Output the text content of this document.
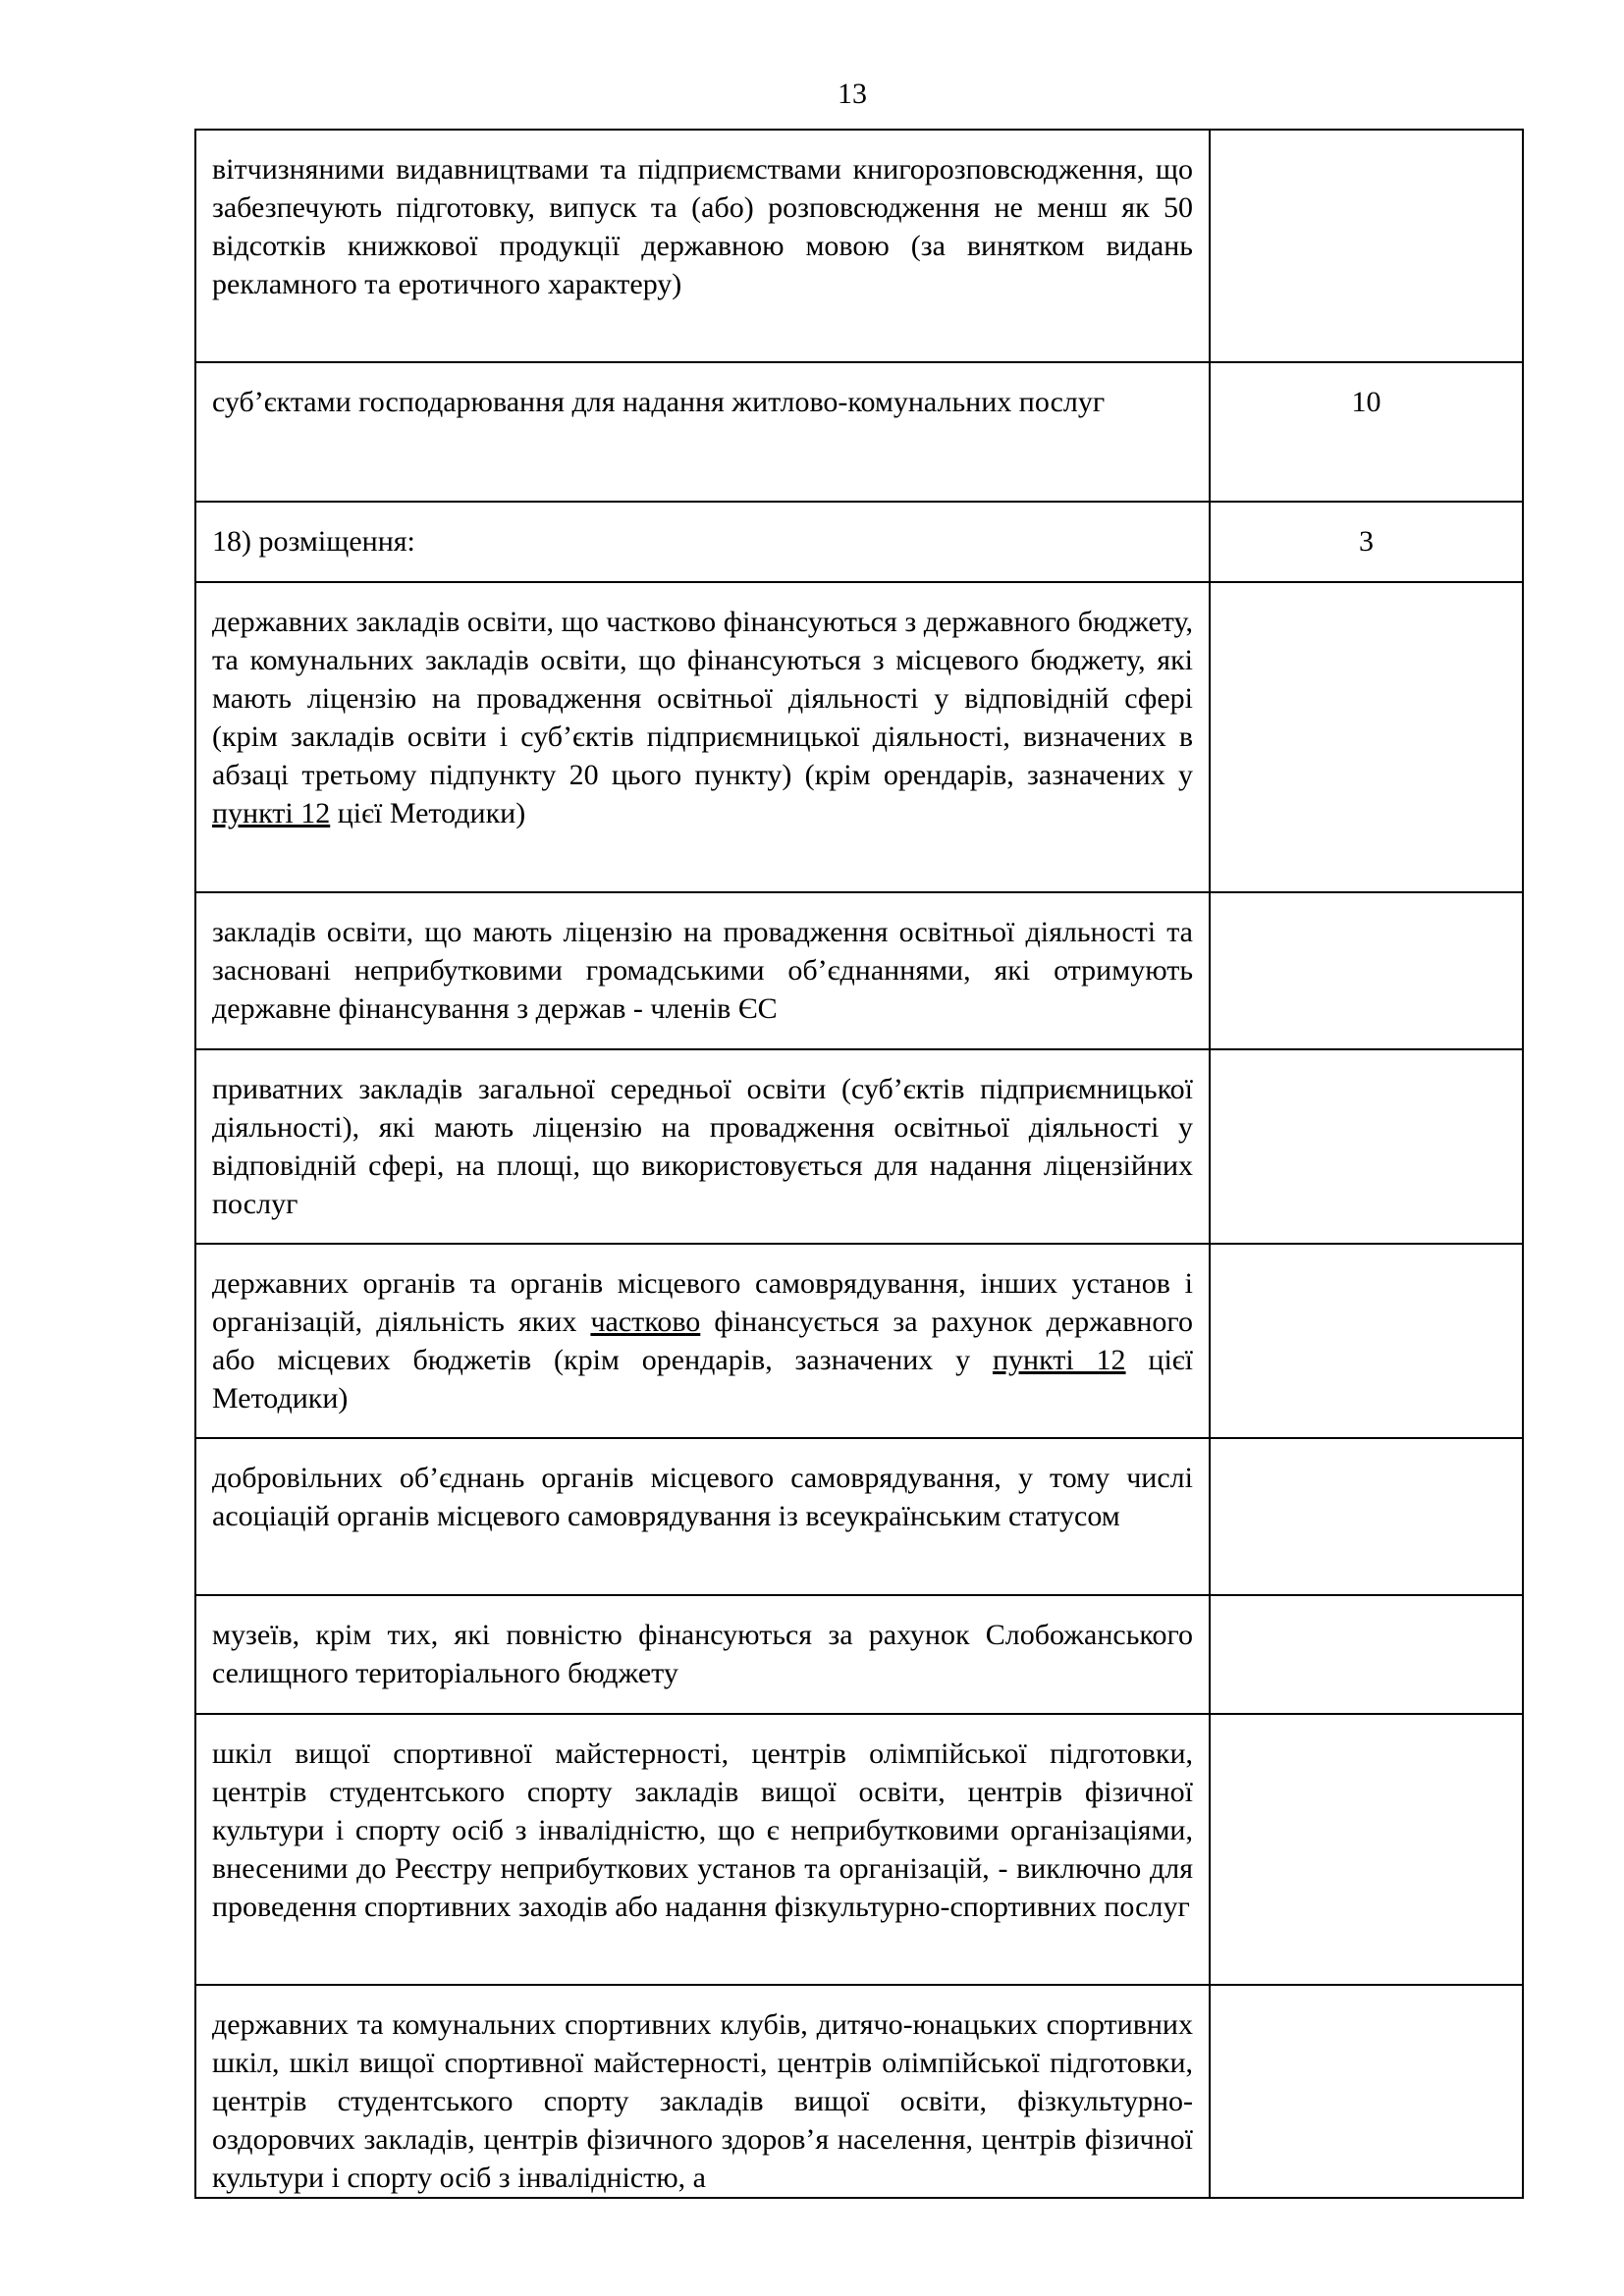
13
вітчизняними видавництвами та підприємствами книгорозповсюдження, що забезпечують підготовку, випуск та (або) розповсюдження не менш як 50 відсотків книжкової продукції державною мовою (за винятком видань рекламного та еротичного характеру)	
суб’єктами господарювання для надання житлово-комунальних послуг	10
18) розміщення:	3
державних закладів освіти, що частково фінансуються з державного бюджету, та комунальних закладів освіти, що фінансуються з місцевого бюджету, які мають ліцензію на провадження освітньої діяльності у відповідній сфері (крім закладів освіти і суб’єктів підприємницької діяльності, визначених в абзаці третьому підпункту 20 цього пункту) (крім орендарів, зазначених у пункті 12 цієї Методики)	
закладів освіти, що мають ліцензію на провадження освітньої діяльності та засновані неприбутковими громадськими об’єднаннями, які отримують державне фінансування з держав - членів ЄС	
приватних закладів загальної середньої освіти (суб’єктів підприємницької діяльності), які мають ліцензію на провадження освітньої діяльності у відповідній сфері, на площі, що використовується для надання ліцензійних послуг	
державних органів та органів місцевого самоврядування, інших установ і організацій, діяльність яких частково фінансується за рахунок державного або місцевих бюджетів (крім орендарів, зазначених у пункті 12 цієї Методики)	
добровільних об’єднань органів місцевого самоврядування, у тому числі асоціацій органів місцевого самоврядування із всеукраїнським статусом	
музеїв, крім тих, які повністю фінансуються за рахунок Слобожанського селищного територіального бюджету	
шкіл вищої спортивної майстерності, центрів олімпійської підготовки, центрів студентського спорту закладів вищої освіти, центрів фізичної культури і спорту осіб з інвалідністю, що є неприбутковими організаціями, внесеними до Реєстру неприбуткових установ та організацій, - виключно для проведення спортивних заходів або надання фізкультурно-спортивних послуг	
державних та комунальних спортивних клубів, дитячо-юнацьких спортивних шкіл, шкіл вищої спортивної майстерності, центрів олімпійської підготовки, центрів студентського спорту закладів вищої освіти, фізкультурно-оздоровчих закладів, центрів фізичного здоров’я населення, центрів фізичної культури і спорту осіб з інвалідністю, а	
